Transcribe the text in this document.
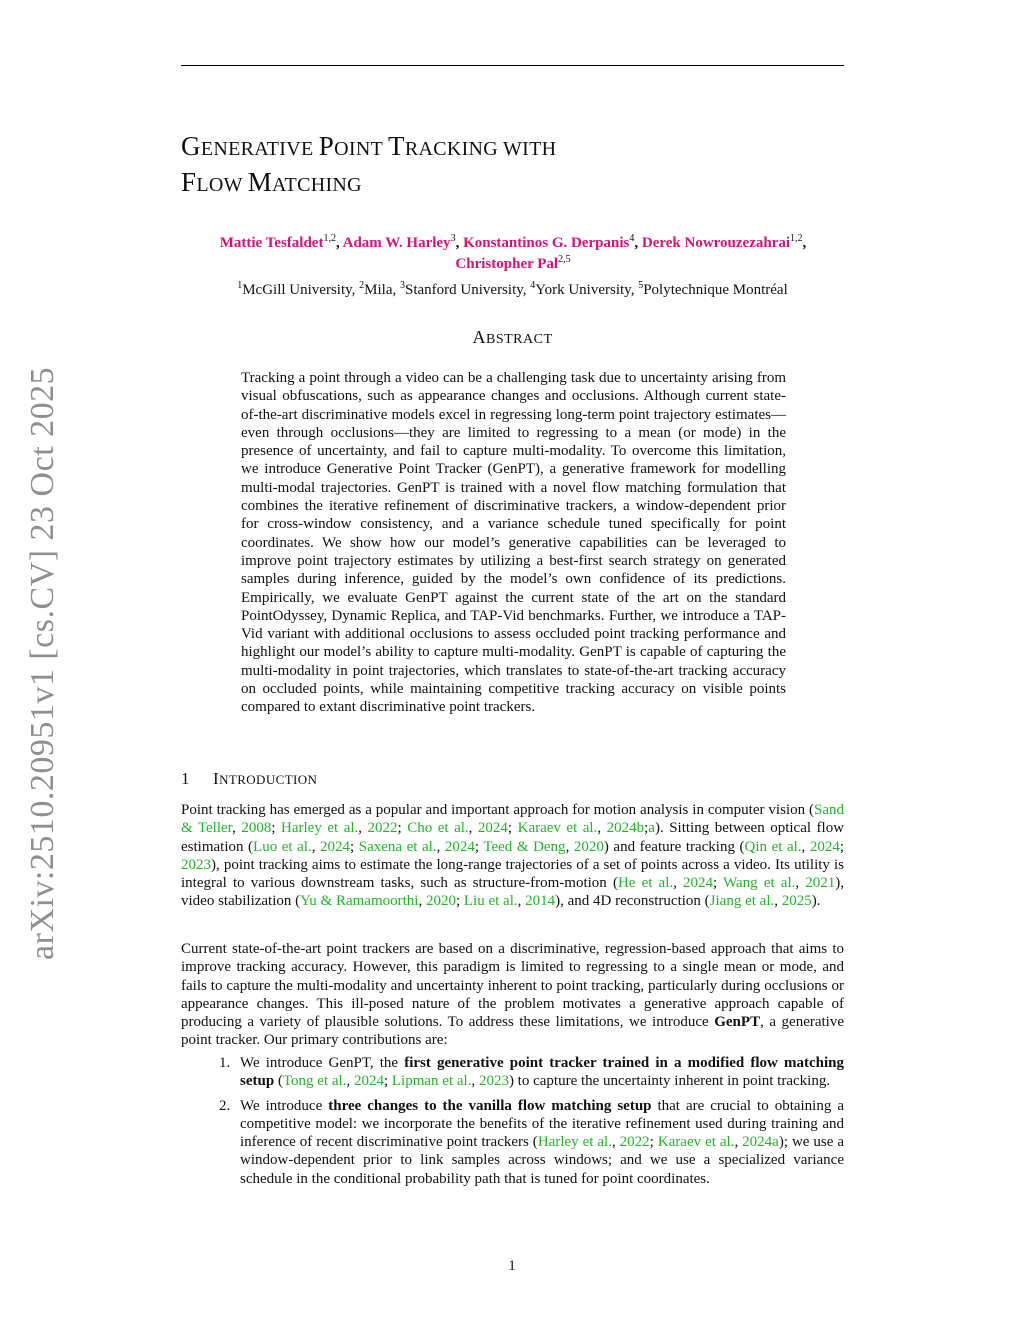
arXiv:2510.20951v1 [cs.CV] 23 Oct 2025
GENERATIVE POINT TRACKING WITH
FLOW MATCHING
Mattie Tesfaldet$^{1,2}$, Adam W. Harley$^3$, Konstantinos G. Derpanis$^4$, Derek Nowrouzezahrai$^{1,2}$,
Christopher Pal$^{2,5}$
$^1$McGill University, $^2$Mila, $^3$Stanford University, $^4$York University, $^5$Polytechnique Montréal
ABSTRACT
Tracking a point through a video can be a challenging task due to uncertainty arising from visual obfuscations, such as appearance changes and occlusions. Although current state-of-the-art discriminative models excel in regressing long-term point trajectory estimates—even through occlusions—they are limited to regressing to a mean (or mode) in the presence of uncertainty, and fail to capture multi-modality. To overcome this limitation, we introduce Generative Point Tracker (GenPT), a generative framework for modelling multi-modal trajectories. GenPT is trained with a novel flow matching formulation that combines the iterative refinement of discriminative trackers, a window-dependent prior for cross-window consistency, and a variance schedule tuned specifically for point coordinates. We show how our model’s generative capabilities can be leveraged to improve point trajectory estimates by utilizing a best-first search strategy on generated samples during inference, guided by the model’s own confidence of its predictions. Empirically, we evaluate GenPT against the current state of the art on the standard PointOdyssey, Dynamic Replica, and TAP-Vid benchmarks. Further, we introduce a TAP-Vid variant with additional occlusions to assess occluded point tracking performance and highlight our model’s ability to capture multi-modality. GenPT is capable of capturing the multi-modality in point trajectories, which translates to state-of-the-art tracking accuracy on occluded points, while maintaining competitive tracking accuracy on visible points compared to extant discriminative point trackers.
1 INTRODUCTION

Point tracking has emerged as a popular and important approach for motion analysis in computer vision (Sand & Teller, 2008; Harley et al., 2022; Cho et al., 2024; Karaev et al., 2024b;a). Sitting between optical flow estimation (Luo et al., 2024; Saxena et al., 2024; Teed & Deng, 2020) and feature tracking (Qin et al., 2024; 2023), point tracking aims to estimate the long-range trajectories of a set of points across a video. Its utility is integral to various downstream tasks, such as structure-from-motion (He et al., 2024; Wang et al., 2021), video stabilization (Yu & Ramamoorthi, 2020; Liu et al., 2014), and 4D reconstruction (Jiang et al., 2025).

Current state-of-the-art point trackers are based on a discriminative, regression-based approach that aims to improve tracking accuracy. However, this paradigm is limited to regressing to a single mean or mode, and fails to capture the multi-modality and uncertainty inherent to point tracking, particularly during occlusions or appearance changes. This ill-posed nature of the problem motivates a generative approach capable of producing a variety of plausible solutions. To address these limitations, we introduce GenPT, a generative point tracker. Our primary contributions are:

1. We introduce GenPT, the first generative point tracker trained in a modified flow matching setup (Tong et al., 2024; Lipman et al., 2023) to capture the uncertainty inherent in point tracking.
2. We introduce three changes to the vanilla flow matching setup that are crucial to obtaining a competitive model: we incorporate the benefits of the iterative refinement used during training and inference of recent discriminative point trackers (Harley et al., 2022; Karaev et al., 2024a); we use a window-dependent prior to link samples across windows; and we use a specialized variance schedule in the conditional probability path that is tuned for point coordinates.
1
